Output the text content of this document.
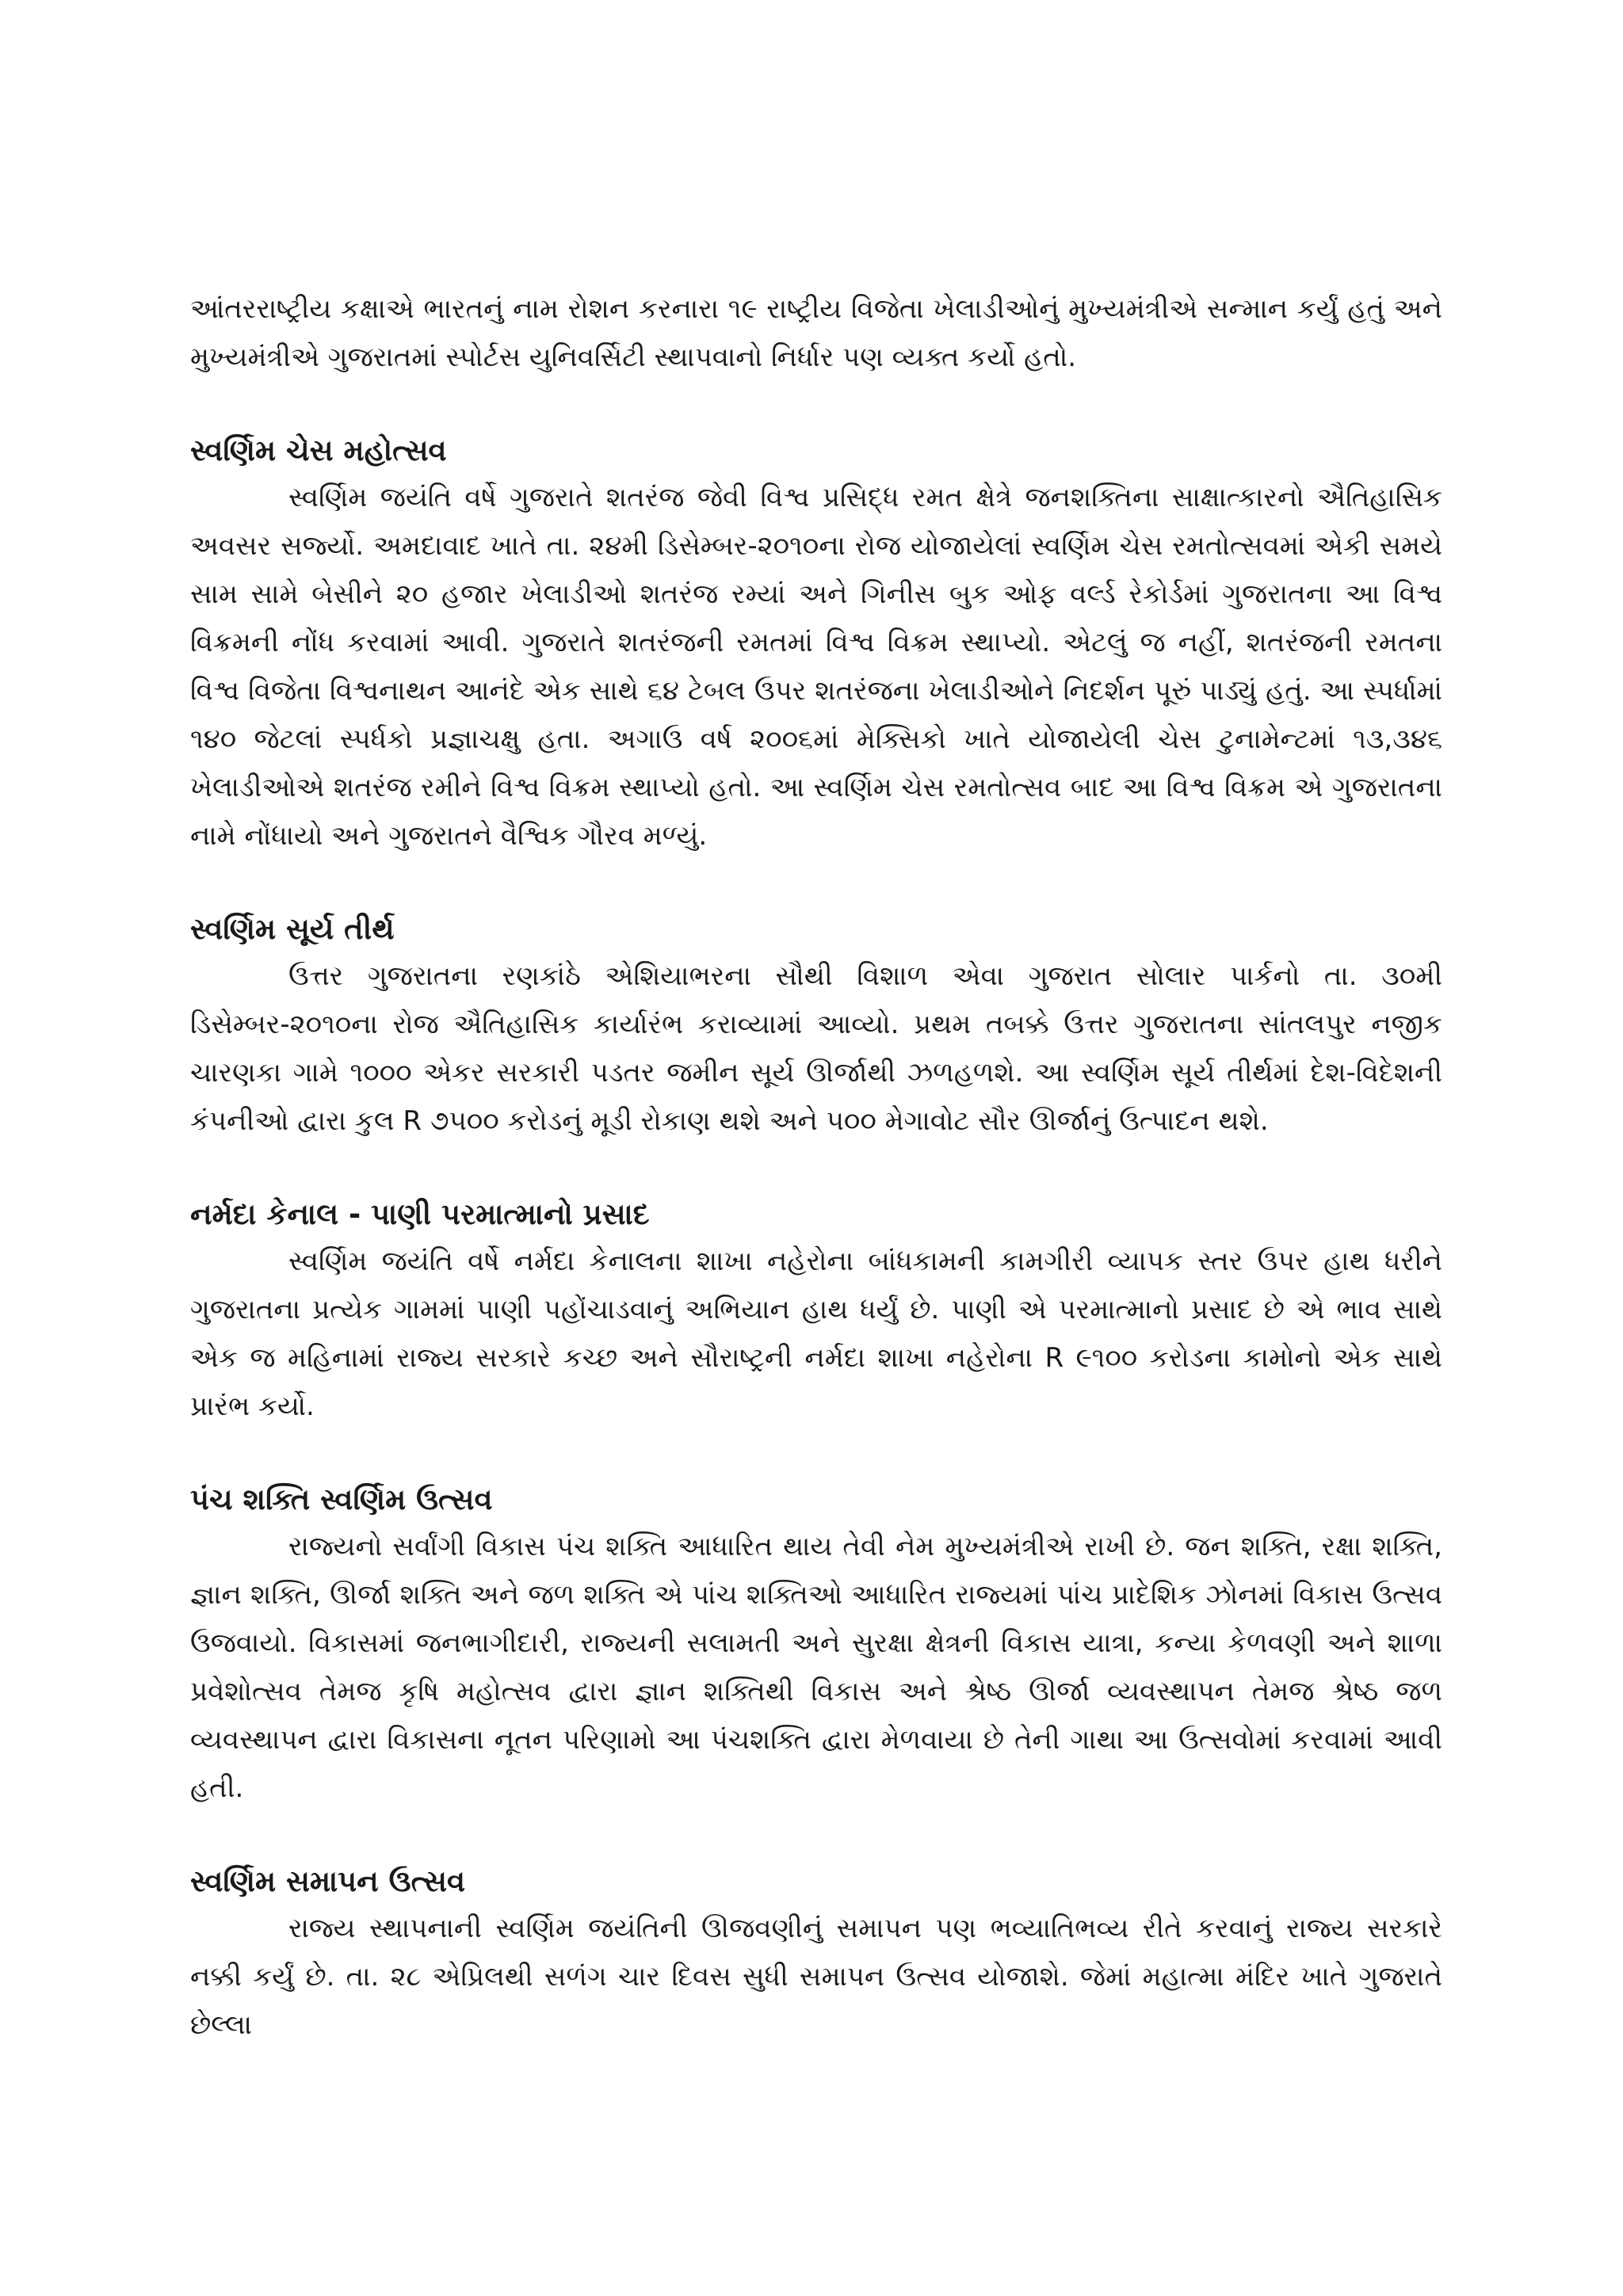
આંતરરાષ્ટ્રીય કક્ષાએ ભારતનું નામ રોશન કરનારા ૧૯ રાષ્ટ્રીય વિજેતા ખેલાડીઓનું મુખ્યમંત્રીએ સન્માન કર્યું હતું અને મુખ્યમંત્રીએ ગુજરાતમાં સ્પોર્ટસ યુનિવર્સિટી સ્થાપવાનો નિર્ધાર પણ વ્યક્ત કર્યો હતો.

સ્વર્ણિમ ચેસ મહોત્સવ

સ્વર્ણિમ જયંતિ વર્ષે ગુજરાતે શતરંજ જેવી વિશ્વ પ્રસિદ્ધ રમત ક્ષેત્રે જનશક્તિના સાક્ષાત્કારનો ઐતિહાસિક અવસર સર્જ્યો. અમદાવાદ ખાતે તા. ૨૪મી ડિસેમ્બર-૨૦૧૦ના રોજ યોજાયેલાં સ્વર્ણિમ ચેસ રમતોત્સવમાં એકી સમયે સામ સામે બેસીને ૨૦ હજાર ખેલાડીઓ શતરંજ રમ્યાં અને ગિનીસ બુક ઓફ વર્લ્ડ રેકોર્ડમાં ગુજરાતના આ વિશ્વ વિક્રમની નોંધ કરવામાં આવી. ગુજરાતે શતરંજની રમતમાં વિશ્વ વિક્રમ સ્થાપ્યો. એટલું જ નહીં, શતરંજની રમતના વિશ્વ વિજેતા વિશ્વનાથન આનંદે એક સાથે ૬૪ ટેબલ ઉપર શતરંજના ખેલાડીઓને નિદર્શન પૂરું પાડ્યું હતું. આ સ્પર્ધામાં ૧૪૦ જેટલાં સ્પર્ધકો પ્રજ્ઞાચક્ષુ હતા. અગાઉ વર્ષ ૨૦૦૬માં મેક્સિકો ખાતે યોજાયેલી ચેસ ટુનામેન્ટમાં ૧૩,૩૪૬ ખેલાડીઓએ શતરંજ રમીને વિશ્વ વિક્રમ સ્થાપ્યો હતો. આ સ્વર્ણિમ ચેસ રમતોત્સવ બાદ આ વિશ્વ વિક્રમ એ ગુજરાતના નામે નોંધાયો અને ગુજરાતને વૈશ્વિક ગૌરવ મળ્યું.

સ્વર્ણિમ સૂર્ય તીર્થ

ઉત્તર ગુજરાતના રણકાંઠે એશિયાભરના સૌથી વિશાળ એવા ગુજરાત સોલાર પાર્કનો તા. ૩૦મી ડિસેમ્બર-૨૦૧૦ના રોજ ઐતિહાસિક કાર્યારંભ કરાવ્યામાં આવ્યો. પ્રથમ તબક્કે ઉત્તર ગુજરાતના સાંતલપુર નજીક ચારણકા ગામે ૧૦૦૦ એકર સરકારી પડતર જમીન સૂર્ય ઊર્જાથી ઝળહળશે. આ સ્વર્ણિમ સૂર્ય તીર્થમાં દેશ-વિદેશની કંપનીઓ દ્વારા કુલ R ૭૫૦૦ કરોડનું મૂડી રોકાણ થશે અને ૫૦૦ મેગાવોટ સૌર ઊર્જાનું ઉત્પાદન થશે.

નર્મદા કેનાલ - પાણી પરમાત્માનો પ્રસાદ

સ્વર્ણિમ જયંતિ વર્ષે નર્મદા કેનાલના શાખા નહેરોના બાંધકામની કામગીરી વ્યાપક સ્તર ઉપર હાથ ધરીને ગુજરાતના પ્રત્યેક ગામમાં પાણી પહોંચાડવાનું અભિયાન હાથ ધર્યું છે. પાણી એ પરમાત્માનો પ્રસાદ છે એ ભાવ સાથે એક જ મહિનામાં રાજ્ય સરકારે કચ્છ અને સૌરાષ્ટ્રની નર્મદા શાખા નહેરોના R ૯૧૦૦ કરોડના કામોનો એક સાથે પ્રારંભ કર્યો.

પંચ શક્તિ સ્વર્ણિમ ઉત્સવ

રાજ્યનો સર્વાંગી વિકાસ પંચ શક્તિ આધારિત થાય તેવી નેમ મુખ્યમંત્રીએ રાખી છે. જન શક્તિ, રક્ષા શક્તિ, જ્ઞાન શક્તિ, ઊર્જા શક્તિ અને જળ શક્તિ એ પાંચ શક્તિઓ આધારિત રાજ્યમાં પાંચ પ્રાદેશિક ઝોનમાં વિકાસ ઉત્સવ ઉજવાયો. વિકાસમાં જનભાગીદારી, રાજ્યની સલામતી અને સુરક્ષા ક્ષેત્રની વિકાસ યાત્રા, કન્યા કેળવણી અને શાળા પ્રવેશોત્સવ તેમજ કૃષિ મહોત્સવ દ્વારા જ્ઞાન શક્તિથી વિકાસ અને શ્રેષ્ઠ ઊર્જા વ્યવસ્થાપન તેમજ શ્રેષ્ઠ જળ વ્યવસ્થાપન દ્વારા વિકાસના નૂતન પરિણામો આ પંચશક્તિ દ્વારા મેળવાયા છે તેની ગાથા આ ઉત્સવોમાં કરવામાં આવી હતી.

સ્વર્ણિમ સમાપન ઉત્સવ

રાજ્ય સ્થાપનાની સ્વર્ણિમ જયંતિની ઊજવણીનું સમાપન પણ ભવ્યાતિભવ્ય રીતે કરવાનું રાજ્ય સરકારે નક્કી કર્યું છે. તા. ૨૮ એપ્રિલથી સળંગ ચાર દિવસ સુધી સમાપન ઉત્સવ યોજાશે. જેમાં મહાત્મા મંદિર ખાતે ગુજરાતે છેલ્લા
